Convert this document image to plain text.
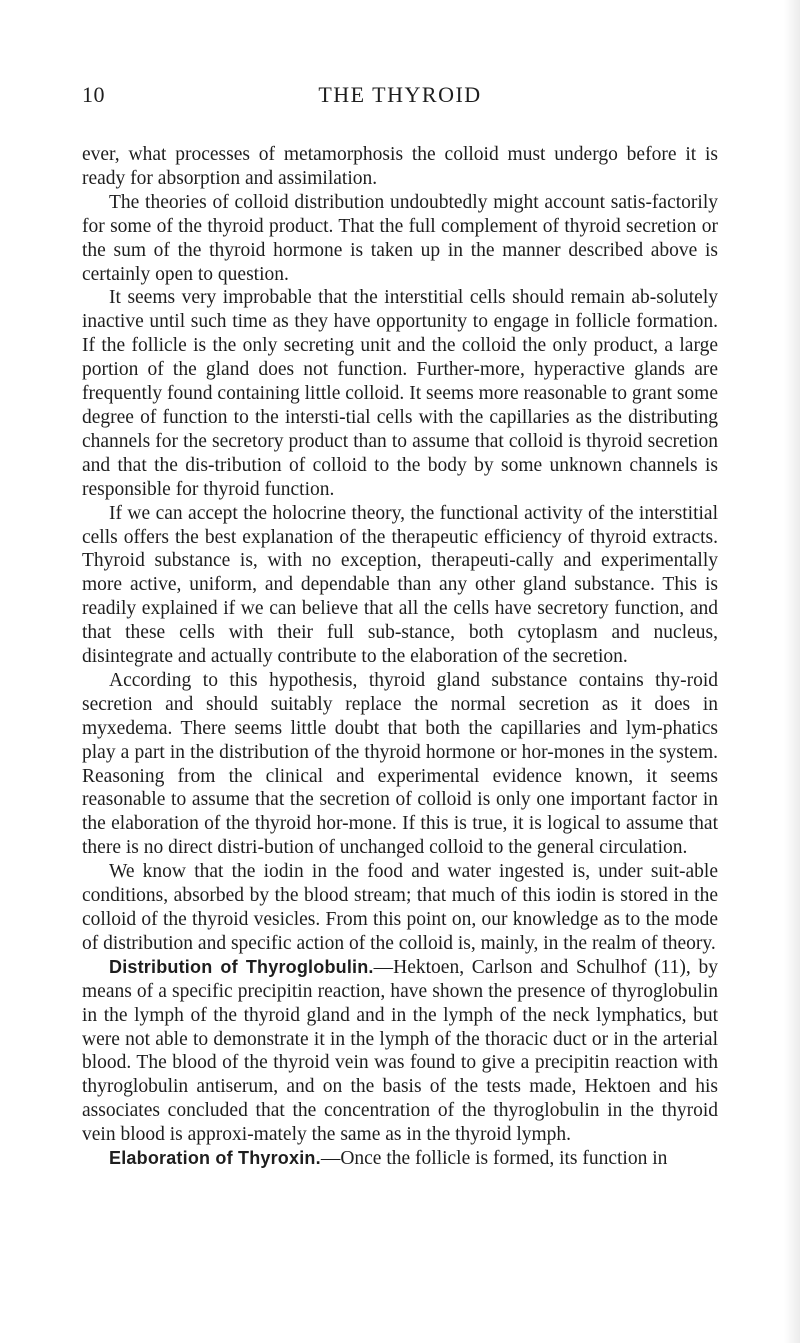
10	THE THYROID

ever, what processes of metamorphosis the colloid must undergo before it is ready for absorption and assimilation.

The theories of colloid distribution undoubtedly might account satis-factorily for some of the thyroid product. That the full complement of thyroid secretion or the sum of the thyroid hormone is taken up in the manner described above is certainly open to question.

It seems very improbable that the interstitial cells should remain ab-solutely inactive until such time as they have opportunity to engage in follicle formation. If the follicle is the only secreting unit and the colloid the only product, a large portion of the gland does not function. Further-more, hyperactive glands are frequently found containing little colloid. It seems more reasonable to grant some degree of function to the intersti-tial cells with the capillaries as the distributing channels for the secretory product than to assume that colloid is thyroid secretion and that the dis-tribution of colloid to the body by some unknown channels is responsible for thyroid function.

If we can accept the holocrine theory, the functional activity of the interstitial cells offers the best explanation of the therapeutic efficiency of thyroid extracts. Thyroid substance is, with no exception, therapeuti-cally and experimentally more active, uniform, and dependable than any other gland substance. This is readily explained if we can believe that all the cells have secretory function, and that these cells with their full sub-stance, both cytoplasm and nucleus, disintegrate and actually contribute to the elaboration of the secretion.

According to this hypothesis, thyroid gland substance contains thy-roid secretion and should suitably replace the normal secretion as it does in myxedema. There seems little doubt that both the capillaries and lym-phatics play a part in the distribution of the thyroid hormone or hor-mones in the system. Reasoning from the clinical and experimental evidence known, it seems reasonable to assume that the secretion of colloid is only one important factor in the elaboration of the thyroid hor-mone. If this is true, it is logical to assume that there is no direct distri-bution of unchanged colloid to the general circulation.

We know that the iodin in the food and water ingested is, under suit-able conditions, absorbed by the blood stream; that much of this iodin is stored in the colloid of the thyroid vesicles. From this point on, our knowledge as to the mode of distribution and specific action of the colloid is, mainly, in the realm of theory.

Distribution of Thyroglobulin.—Hektoen, Carlson and Schulhof (11), by means of a specific precipitin reaction, have shown the presence of thyroglobulin in the lymph of the thyroid gland and in the lymph of the neck lymphatics, but were not able to demonstrate it in the lymph of the thoracic duct or in the arterial blood. The blood of the thyroid vein was found to give a precipitin reaction with thyroglobulin antiserum, and on the basis of the tests made, Hektoen and his associates concluded that the concentration of the thyroglobulin in the thyroid vein blood is approxi-mately the same as in the thyroid lymph.

Elaboration of Thyroxin.—Once the follicle is formed, its function in
